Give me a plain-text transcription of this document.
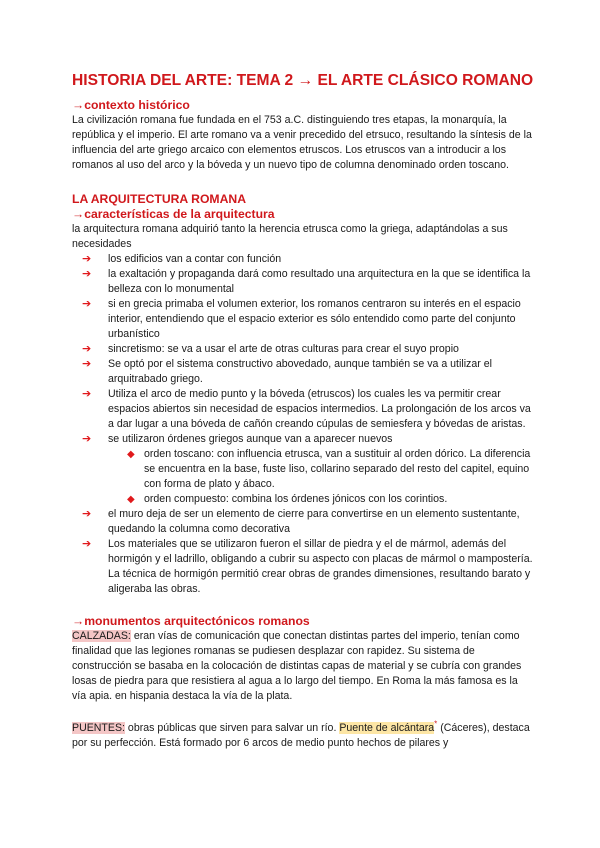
HISTORIA DEL ARTE: TEMA 2 → EL ARTE CLÁSICO ROMANO
→contexto histórico

La civilización romana fue fundada en el 753 a.C. distinguiendo tres etapas, la monarquía, la república y el imperio. El arte romano va a venir precedido del etrsuco, resultando la síntesis de la influencia del arte griego arcaico con elementos etruscos. Los etruscos van a introducir a los romanos al uso del arco y la bóveda y un nuevo tipo de columna denominado orden toscano.

LA ARQUITECTURA ROMANA
→características de la arquitectura

la arquitectura romana adquirió tanto la herencia etrusca como la griega, adaptándolas a sus necesidades

➔ los edificios van a contar con función
➔ la exaltación y propaganda dará como resultado una arquitectura en la que se identifica la belleza con lo monumental
➔ si en grecia primaba el volumen exterior, los romanos centraron su interés en el espacio interior, entendiendo que el espacio exterior es sólo entendido como parte del conjunto urbanístico
➔ sincretismo: se va a usar el arte de otras culturas para crear el suyo propio
➔ Se optó por el sistema constructivo abovedado, aunque también se va a utilizar el arquitrabado griego.
➔ Utiliza el arco de medio punto y la bóveda (etruscos) los cuales les va permitir crear espacios abiertos sin necesidad de espacios intermedios. La prolongación de los arcos va a dar lugar a una bóveda de cañón creando cúpulas de semiesfera y bóvedas de aristas.
➔ se utilizaron órdenes griegos aunque van a aparecer nuevos
◆ orden toscano: con influencia etrusca, van a sustituir al orden dórico. La diferencia se encuentra en la base, fuste liso, collarino separado del resto del capitel, equino con forma de plato y ábaco.
◆ orden compuesto: combina los órdenes jónicos con los corintios.
➔ el muro deja de ser un elemento de cierre para convertirse en un elemento sustentante, quedando la columna como decorativa
➔ Los materiales que se utilizaron fueron el sillar de piedra y el de mármol, además del hormigón y el ladrillo, obligando a cubrir su aspecto con placas de mármol o mampostería. La técnica de hormigón permitió crear obras de grandes dimensiones, resultando barato y aligeraba las obras.
→monumentos arquitectónicos romanos

CALZADAS: eran vías de comunicación que conectan distintas partes del imperio, tenían como finalidad que las legiones romanas se pudiesen desplazar con rapidez. Su sistema de construcción se basaba en la colocación de distintas capas de material y se cubría con grandes losas de piedra para que resistiera al agua a lo largo del tiempo. En Roma la más famosa es la vía apia. en hispania destaca la vía de la plata.

PUENTES: obras públicas que sirven para salvar un río. Puente de alcántara* (Cáceres), destaca por su perfección. Está formado por 6 arcos de medio punto hechos de pilares y
